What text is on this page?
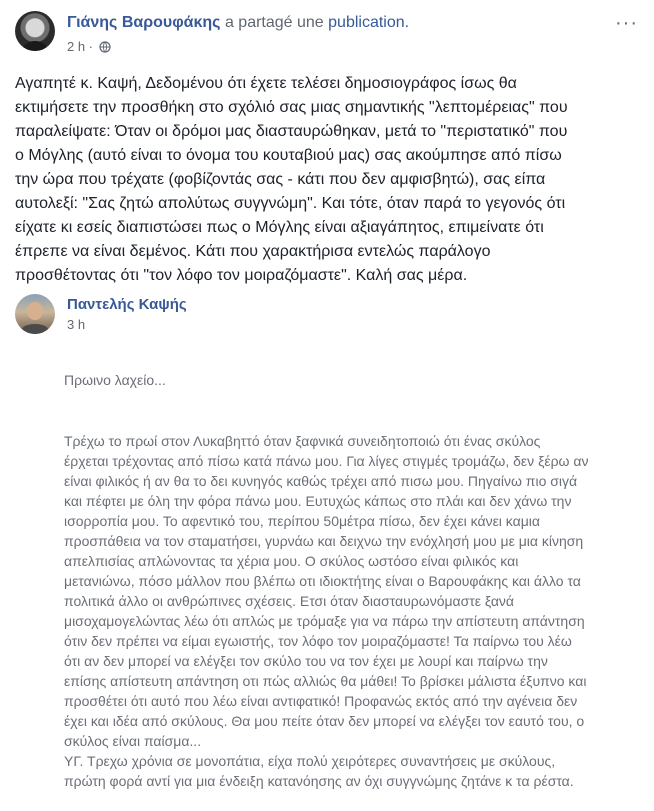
Γιάνης Βαρουφάκης a partagé une publication.
2 h ·
···
Αγαπητέ κ. Καψή, Δεδομένου ότι έχετε τελέσει δημοσιογράφος ίσως θα
εκτιμήσετε την προσθήκη στο σχόλιό σας μιας σημαντικής "λεπτομέρειας" που
παραλείψατε: Όταν οι δρόμοι μας διασταυρώθηκαν, μετά το "περιστατικό" που
ο Μόγλης (αυτό είναι το όνομα του κουταβιού μας) σας ακούμπησε από πίσω
την ώρα που τρέχατε (φοβίζοντάς σας - κάτι που δεν αμφισβητώ), σας είπα
αυτολεξί: "Σας ζητώ απολύτως συγγνώμη". Και τότε, όταν παρά το γεγονός ότι
είχατε κι εσείς διαπιστώσει πως ο Μόγλης είναι αξιαγάπητος, επιμείνατε ότι
έπρεπε να είναι δεμένος. Κάτι που χαρακτήρισα εντελώς παράλογο
προσθέτοντας ότι "τον λόφο τον μοιραζόμαστε". Καλή σας μέρα.
Παντελής Καψής
3 h

Πρωινο λαχείο...

Τρέχω το πρωί στον Λυκαβηττό όταν ξαφνικά συνειδητοποιώ ότι ένας σκύλος
έρχεται τρέχοντας από πίσω κατά πάνω μου. Για λίγες στιγμές τρομάζω, δεν ξέρω αν
είναι φιλικός ή αν θα το δει κυνηγός καθώς τρέχει από πισω μου. Πηγαίνω πιο σιγά
και πέφτει με όλη την φόρα πάνω μου. Ευτυχώς κάπως στο πλάι και δεν χάνω την
ισορροπία μου. Το αφεντικό του, περίπου 50μέτρα πίσω, δεν έχει κάνει καμια
προσπάθεια να τον σταματήσει, γυρνάω και δειχνω την ενόχλησή μου με μια κίνηση
απελπισίας απλώνοντας τα χέρια μου. Ο σκύλος ωστόσο είναι φιλικός και
μετανιώνω, πόσο μάλλον που βλέπω οτι ιδιοκτήτης είναι ο Βαρουφάκης και άλλο τα
πολιτικά άλλο οι ανθρώπινες σχέσεις. Ετσι όταν διασταυρωνόμαστε ξανά
μισοχαμογελώντας λέω ότι απλώς με τρόμαξε για να πάρω την απίστευτη απάντηση
ότιν δεν πρέπει να είμαι εγωιστής, τον λόφο τον μοιραζόμαστε! Τα παίρνω του λέω
ότι αν δεν μπορεί να ελέγξει τον σκύλο του να τον έχει με λουρί και παίρνω την
επίσης απίστευτη απάντηση οτι πώς αλλιώς θα μάθει! Το βρίσκει μάλιστα έξυπνο και
προσθέτει ότι αυτό που λέω είναι αντιφατικό! Προφανώς εκτός από την αγένεια δεν
έχει και ιδέα από σκύλους. Θα μου πείτε όταν δεν μπορεί να ελέγξει τον εαυτό του, ο
σκύλος είναι παίσμα...
ΥΓ. Τρεχω χρόνια σε μονοπάτια, είχα πολύ χειρότερες συναντήσεις με σκύλους,
πρώτη φορά αντί για μια ένδειξη κατανόησης αν όχι συγγνώμης ζητάνε κ τα ρέστα.
